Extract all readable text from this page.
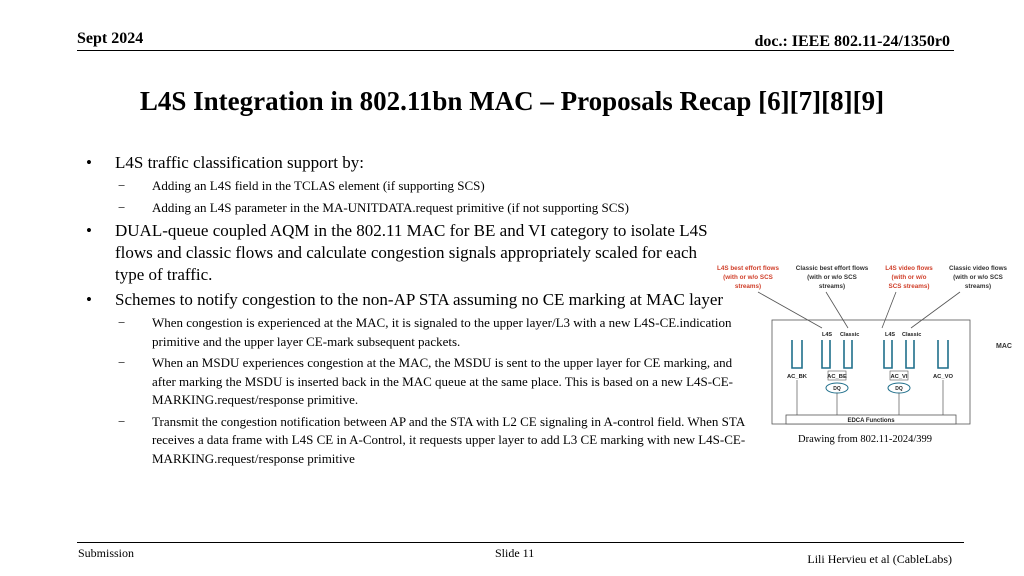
Sept 2024	doc.: IEEE 802.11-24/1350r0
L4S Integration in 802.11bn MAC – Proposals Recap [6][7][8][9]
•	L4S traffic classification support by:
− Adding an L4S field in the TCLAS element (if supporting SCS)
− Adding an L4S parameter in the MA-UNITDATA.request primitive (if not supporting SCS)
•	DUAL-queue coupled AQM in the 802.11 MAC for BE and VI category to isolate L4S flows and classic flows and calculate congestion signals appropriately scaled for each type of traffic.
•	Schemes to notify congestion to the non-AP STA assuming no CE marking at MAC layer
− When congestion is experienced at the MAC, it is signaled to the upper layer/L3 with a new L4S-CE.indication primitive and the upper layer CE-mark subsequent packets.
− When an MSDU experiences congestion at the MAC, the MSDU is sent to the upper layer for CE marking, and after marking the MSDU is inserted back in the MAC queue at the same place. This is based on a new L4S-CE-MARKING.request/response primitive.
− Transmit the congestion notification between AP and the STA with L2 CE signaling in A-control field. When STA receives a data frame with L4S CE in A-Control, it requests upper layer to add L3 CE marking with new L4S-CE-MARKING.request/response primitive
L4S best effort flows
(with or w/o SCS
streams)
Classic best effort flows
(with or w/o SCS
streams)
L4S video flows
(with or w/o
SCS streams)
Classic video flows
(with or w/o SCS
streams)
MAC
L4S Classic	L4S Classic
AC_BK	AC_BE	AC_VI	AC_VO
DQ	DQ
EDCA Functions
Drawing from 802.11-2024/399
Submission	Slide 11	Lili Hervieu et al (CableLabs)
